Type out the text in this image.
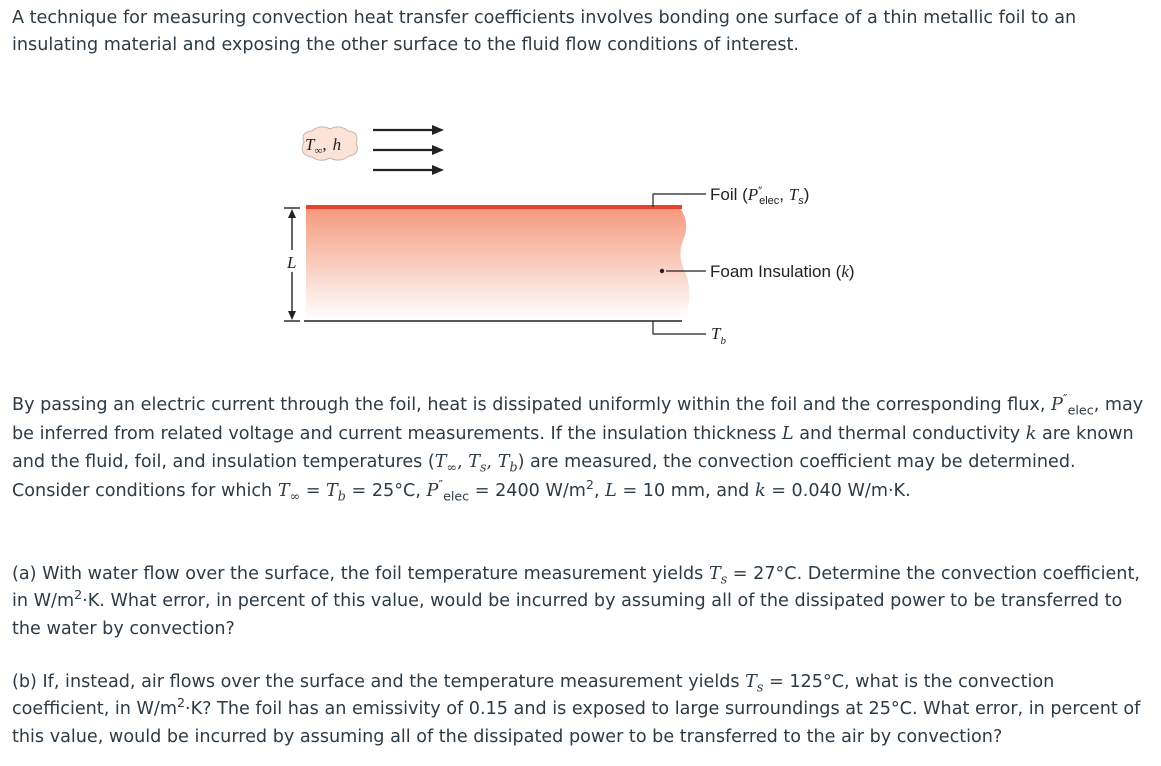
A technique for measuring convection heat transfer coefficients involves bonding one surface of a thin metallic foil to an insulating material and exposing the other surface to the fluid flow conditions of interest.

$T_\infty$, h
L
Foil (P″ elec, $T_s$)
Foam Insulation (k)
$T_b$

By passing an electric current through the foil, heat is dissipated uniformly within the foil and the corresponding flux, $P''_{elec}$, may be inferred from related voltage and current measurements. If the insulation thickness L and thermal conductivity k are known and the fluid, foil, and insulation temperatures ($T_\infty$, $T_s$, $T_b$) are measured, the convection coefficient may be determined. Consider conditions for which $T_\infty = T_b = 25^\circ C$, $P''_{elec} = 2400$ $W/m^2$, L = 10 mm, and k = 0.040 W/m·K.

(a) With water flow over the surface, the foil temperature measurement yields $T_s = 27^\circ C$. Determine the convection coefficient, in $W/m^2\cdot K$. What error, in percent of this value, would be incurred by assuming all of the dissipated power to be transferred to the water by convection?

(b) If, instead, air flows over the surface and the temperature measurement yields $T_s = 125^\circ C$, what is the convection coefficient, in $W/m^2\cdot K$? The foil has an emissivity of 0.15 and is exposed to large surroundings at 25°C. What error, in percent of this value, would be incurred by assuming all of the dissipated power to be transferred to the air by convection?
